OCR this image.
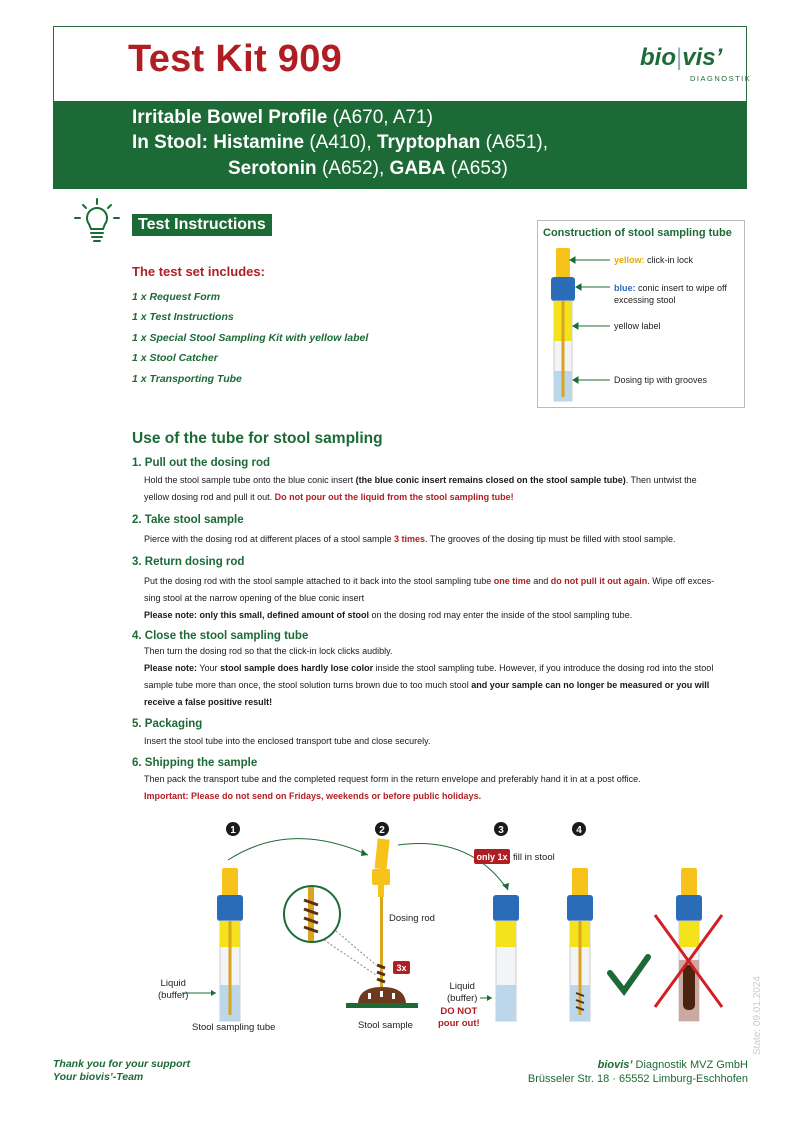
Test Kit 909	bio|vis’
DIAGNOSTIK
Irritable Bowel Profile (A670, A71)
In Stool: Histamine (A410), Tryptophan (A651),
Serotonin (A652), GABA (A653)
Test Instructions
The test set includes:
1 x Request Form
1 x Test Instructions
1 x Special Stool Sampling Kit with yellow label
1 x Stool Catcher
1 x Transporting Tube
Construction of stool sampling tube
yellow: click-in lock
blue: conic insert to wipe off
excessing stool
yellow label
Dosing tip with grooves
Use of the tube for stool sampling
1. Pull out the dosing rod
Hold the stool sample tube onto the blue conic insert (the blue conic insert remains closed on the stool sample tube). Then untwist the
yellow dosing rod and pull it out. Do not pour out the liquid from the stool sampling tube!
2. Take stool sample
Pierce with the dosing rod at different places of a stool sample 3 times. The grooves of the dosing tip must be filled with stool sample.
3. Return dosing rod
Put the dosing rod with the stool sample attached to it back into the stool sampling tube one time and do not pull it out again. Wipe off exces-
sing stool at the narrow opening of the blue conic insert
Please note: only this small, defined amount of stool on the dosing rod may enter the inside of the stool sampling tube.
4. Close the stool sampling tube
Then turn the dosing rod so that the click-in lock clicks audibly.
Please note: Your stool sample does hardly lose color inside the stool sampling tube. However, if you introduce the dosing rod into the stool
sample tube more than once, the stool solution turns brown due to too much stool and your sample can no longer be measured or you will
receive a false positive result!
5. Packaging
Insert the stool tube into the enclosed transport tube and close securely.
6. Shipping the sample
Then pack the transport tube and the completed request form in the return envelope and preferably hand it in at a post office.
Important: Please do not send on Fridays, weekends or before public holidays.
1	2	3	4
3x
only 1x
Liquid
(buffer)
Stool sampling tube
Dosing rod
Stool sample
fill in stool
Liquid
(buffer)
DO NOT
pour out!
Thank you for your support
Your biovis’-Team
biovis’ Diagnostik MVZ GmbH
Brüsseler Str. 18 · 65552 Limburg-Eschhofen
State: 09.01.2024
